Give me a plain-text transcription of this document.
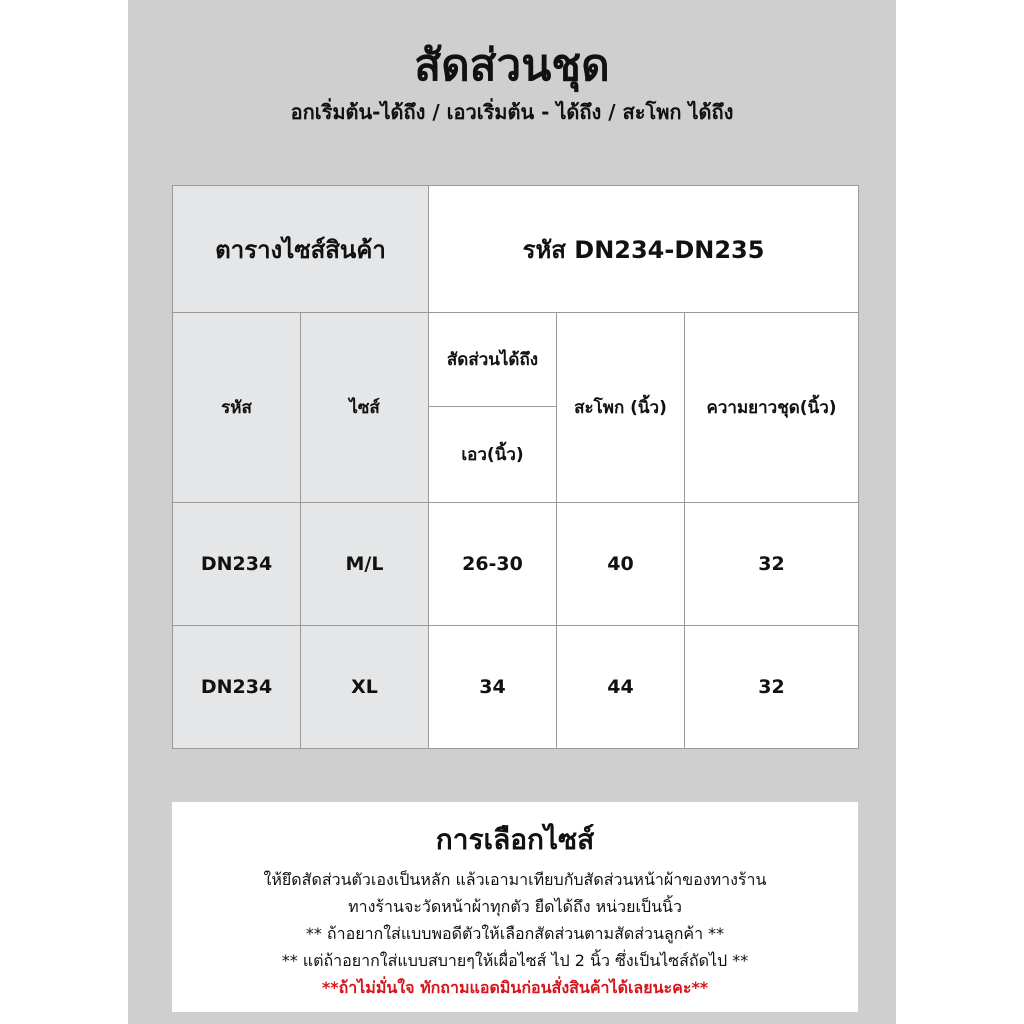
สัดส่วนชุด
อกเริ่มต้น-ได้ถึง / เอวเริ่มต้น - ได้ถึง / สะโพก ได้ถึง
ตารางไซส์สินค้า		รหัส DN234-DN235		
รหัส	ไซส์	สัดส่วนได้ถึง	สะโพก (นิ้ว)	ความยาวชุด(นิ้ว)
		เอว(นิ้ว)		
DN234	M/L	26-30	40	32
DN234	XL	34	44	32
การเลือกไซส์
ให้ยึดสัดส่วนตัวเองเป็นหลัก แล้วเอามาเทียบกับสัดส่วนหน้าผ้าของทางร้าน
ทางร้านจะวัดหน้าผ้าทุกตัว ยืดได้ถึง หน่วยเป็นนิ้ว
** ถ้าอยากใส่แบบพอดีตัวให้เลือกสัดส่วนตามสัดส่วนลูกค้า **
** แต่ถ้าอยากใส่แบบสบายๆให้เผื่อไซส์ ไป 2 นิ้ว ซึ่งเป็นไซส์ถัดไป **
**ถ้าไม่มั่นใจ ทักถามแอดมินก่อนสั่งสินค้าได้เลยนะคะ**
